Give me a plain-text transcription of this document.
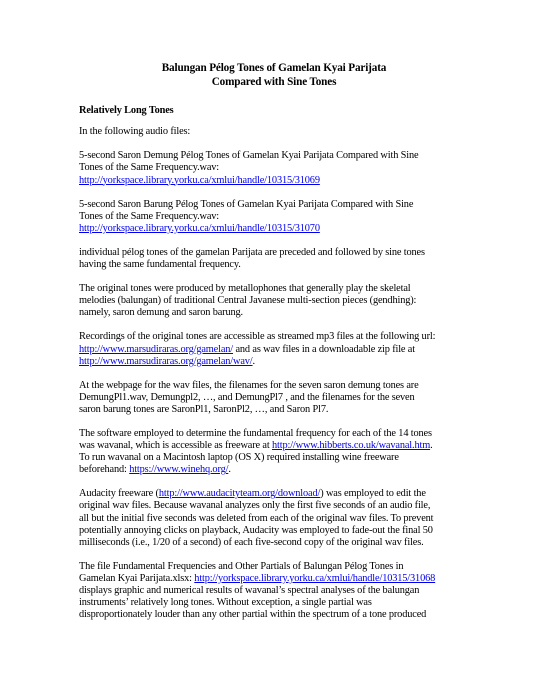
Balungan Pélog Tones of Gamelan Kyai Parijata
Compared with Sine Tones
Relatively Long Tones

In the following audio files:

5-second Saron Demung Pélog Tones of Gamelan Kyai Parijata Compared with Sine
Tones of the Same Frequency.wav:
http://yorkspace.library.yorku.ca/xmlui/handle/10315/31069

5-second Saron Barung Pélog Tones of Gamelan Kyai Parijata Compared with Sine
Tones of the Same Frequency.wav:
http://yorkspace.library.yorku.ca/xmlui/handle/10315/31070

individual pélog tones of the gamelan Parijata are preceded and followed by sine tones
having the same fundamental frequency.

The original tones were produced by metallophones that generally play the skeletal
melodies (balungan) of traditional Central Javanese multi-section pieces (gendhing):
namely, saron demung and saron barung.

Recordings of the original tones are accessible as streamed mp3 files at the following url:
http://www.marsudiraras.org/gamelan/ and as wav files in a downloadable zip file at
http://www.marsudiraras.org/gamelan/wav/.

At the webpage for the wav files, the filenames for the seven saron demung tones are
DemungPl1.wav, Demungpl2, …, and DemungPl7 , and the filenames for the seven
saron barung tones are SaronPl1, SaronPl2, …, and Saron Pl7.

The software employed to determine the fundamental frequency for each of the 14 tones
was wavanal, which is accessible as freeware at http://www.hibberts.co.uk/wavanal.htm.
To run wavanal on a Macintosh laptop (OS X) required installing wine freeware
beforehand: https://www.winehq.org/.

Audacity freeware (http://www.audacityteam.org/download/) was employed to edit the
original wav files. Because wavanal analyzes only the first five seconds of an audio file,
all but the initial five seconds was deleted from each of the original wav files. To prevent
potentially annoying clicks on playback, Audacity was employed to fade-out the final 50
milliseconds (i.e., 1/20 of a second) of each five-second copy of the original wav files.

The file Fundamental Frequencies and Other Partials of Balungan Pélog Tones in
Gamelan Kyai Parijata.xlsx: http://yorkspace.library.yorku.ca/xmlui/handle/10315/31068
displays graphic and numerical results of wavanal’s spectral analyses of the balungan
instruments’ relatively long tones. Without exception, a single partial was
disproportionately louder than any other partial within the spectrum of a tone produced
